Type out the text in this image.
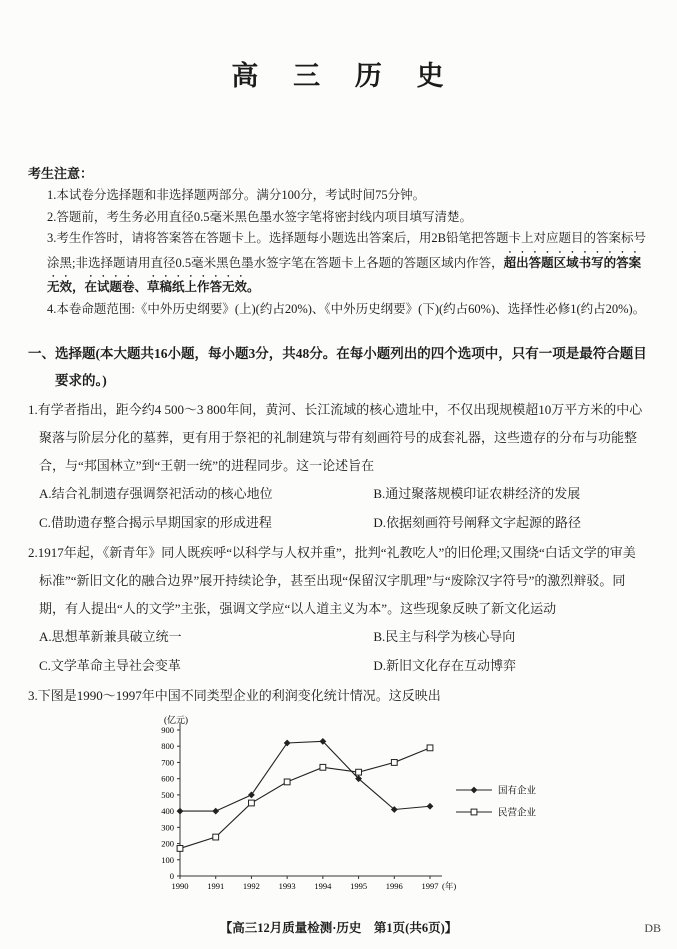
高 三 历 史
考生注意：
1.本试卷分选择题和非选择题两部分。满分100分，考试时间75分钟。
2.答题前，考生务必用直径0.5毫米黑色墨水签字笔将密封线内项目填写清楚。
3.考生作答时，请将答案答在答题卡上。选择题每小题选出答案后，用2B铅笔把答题卡上对应题目的答案标号涂黑;非选择题请用直径0.5毫米黑色墨水签字笔在答题卡上各题的答题区域内作答，超出答题区域书写的答案无效，在试题卷、草稿纸上作答无效。
4.本卷命题范围:《中外历史纲要》(上)(约占20%)、《中外历史纲要》(下)(约占60%)、选择性必修1(约占20%)。
一、选择题(本大题共16小题，每小题3分，共48分。在每小题列出的四个选项中，只有一项是最符合题目要求的。)
1.有学者指出，距今约4 500～3 800年间，黄河、长江流域的核心遗址中，不仅出现规模超10万平方米的中心聚落与阶层分化的墓葬，更有用于祭祀的礼制建筑与带有刻画符号的成套礼器，这些遗存的分布与功能整合，与“邦国林立”到“王朝一统”的进程同步。这一论述旨在
A.结合礼制遗存强调祭祀活动的核心地位	B.通过聚落规模印证农耕经济的发展
C.借助遗存整合揭示早期国家的形成进程	D.依据刻画符号阐释文字起源的路径
2.1917年起，《新青年》同人既疾呼“以科学与人权并重”，批判“礼教吃人”的旧伦理;又围绕“白话文学的审美标准”“新旧文化的融合边界”展开持续论争，甚至出现“保留汉字肌理”与“废除汉字符号”的激烈辩驳。同期，有人提出“人的文学”主张，强调文学应“以人道主义为本”。这些现象反映了新文化运动
A.思想革新兼具破立统一	B.民主与科学为核心导向
C.文学革命主导社会变革	D.新旧文化存在互动博弈
3.下图是1990～1997年中国不同类型企业的利润变化统计情况。这反映出
(亿元)
0
100
200
300
400
500
600
700
800
900
1990 1991 1992 1993 1994 1995 1996 1997 (年)
国有企业
民营企业
【高三12月质量检测·历史　第1页(共6页)】	DB
